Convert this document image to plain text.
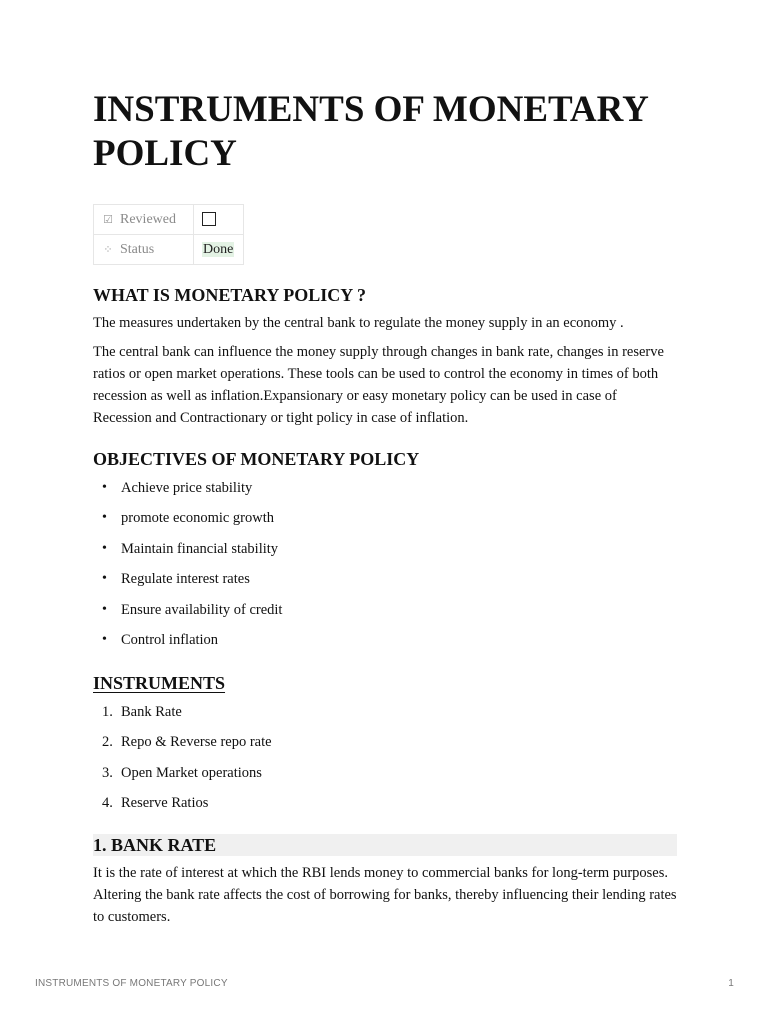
INSTRUMENTS OF MONETARY POLICY
☑ Reviewed	
⁘ Status	Done
WHAT IS MONETARY POLICY ?

The measures undertaken by the central bank to regulate the money supply in an economy .

The central bank can influence the money supply through changes in bank rate, changes in reserve ratios or open market operations. These tools can be used to control the economy in times of both recession as well as inflation.Expansionary or easy monetary policy can be used in case of Recession and Contractionary or tight policy in case of inflation.

OBJECTIVES OF MONETARY POLICY
• Achieve price stability
• promote economic growth
• Maintain financial stability
• Regulate interest rates
• Ensure availability of credit
• Control inflation
INSTRUMENTS
1. Bank Rate
2. Repo & Reverse repo rate
3. Open Market operations
4. Reserve Ratios
1. BANK RATE

It is the rate of interest at which the RBI lends money to commercial banks for long-term purposes. Altering the bank rate affects the cost of borrowing for banks, thereby influencing their lending rates to customers.

INSTRUMENTS OF MONETARY POLICY	1
